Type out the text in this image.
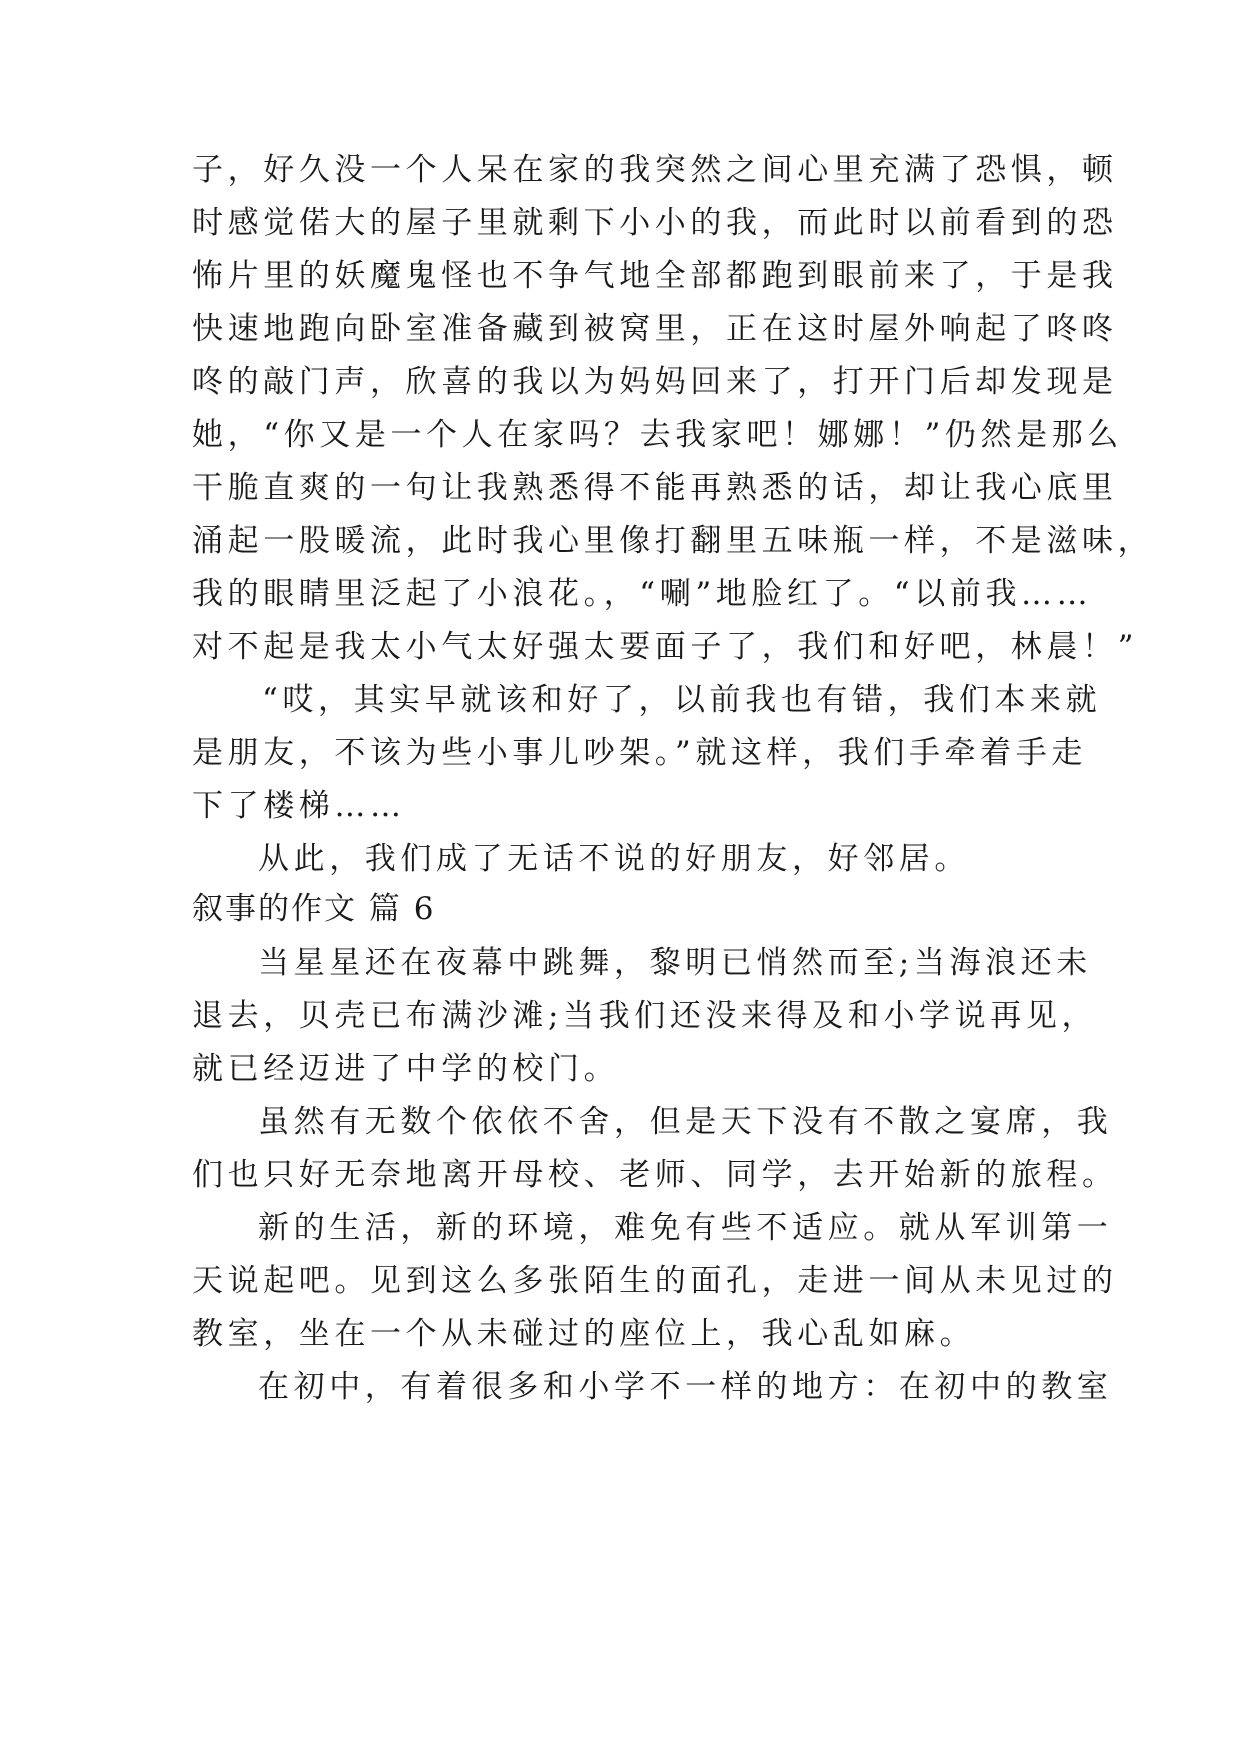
子，好久没一个人呆在家的我突然之间心里充满了恐惧，顿
时感觉偌大的屋子里就剩下小小的我，而此时以前看到的恐
怖片里的妖魔鬼怪也不争气地全部都跑到眼前来了，于是我
快速地跑向卧室准备藏到被窝里，正在这时屋外响起了咚咚
咚的敲门声，欣喜的我以为妈妈回来了，打开门后却发现是
她，“你又是一个人在家吗？去我家吧！娜娜！”仍然是那么
干脆直爽的一句让我熟悉得不能再熟悉的话，却让我心底里
涌起一股暖流，此时我心里像打翻里五味瓶一样，不是滋味，
我的眼睛里泛起了小浪花。，“唰”地脸红了。“以前我……
对不起是我太小气太好强太要面子了，我们和好吧，林晨！”
“哎，其实早就该和好了，以前我也有错，我们本来就
是朋友，不该为些小事儿吵架。”就这样，我们手牵着手走
下了楼梯……
从此，我们成了无话不说的好朋友，好邻居。
叙事的作文 篇 6
当星星还在夜幕中跳舞，黎明已悄然而至;当海浪还未
退去，贝壳已布满沙滩;当我们还没来得及和小学说再见，
就已经迈进了中学的校门。
虽然有无数个依依不舍，但是天下没有不散之宴席，我
们也只好无奈地离开母校、老师、同学，去开始新的旅程。
新的生活，新的环境，难免有些不适应。就从军训第一
天说起吧。见到这么多张陌生的面孔，走进一间从未见过的
教室，坐在一个从未碰过的座位上，我心乱如麻。
在初中，有着很多和小学不一样的地方：在初中的教室
